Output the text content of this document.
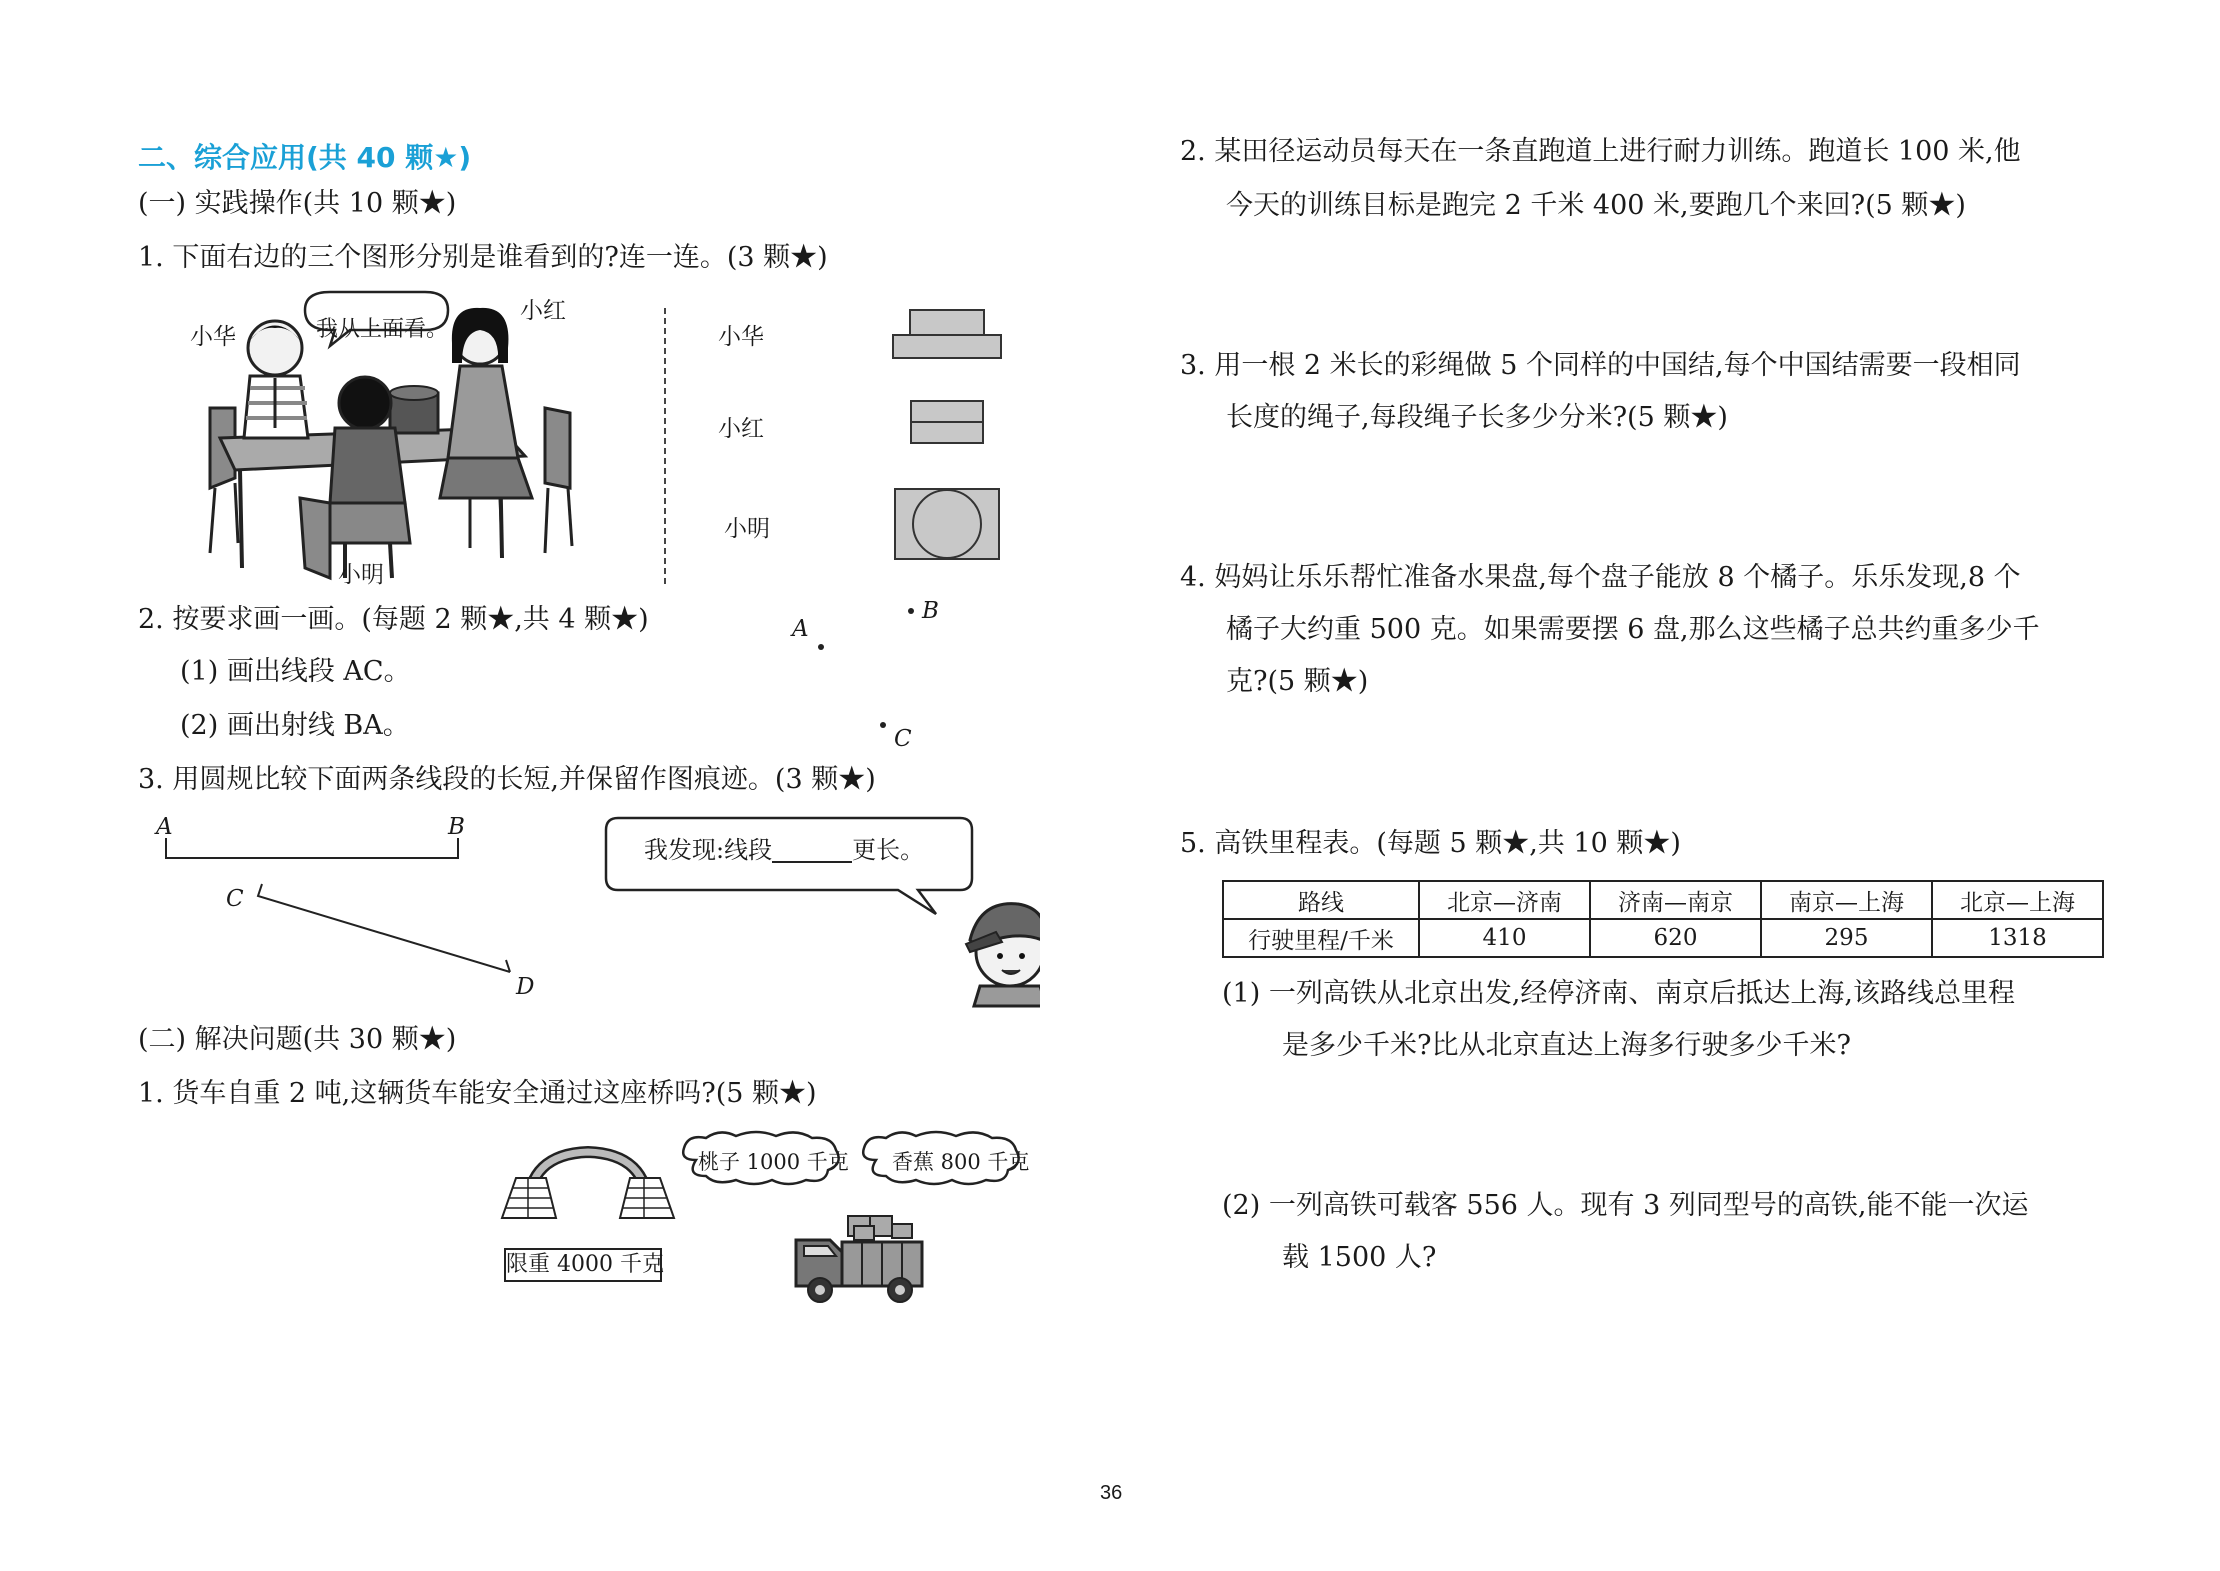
二、综合应用(共 40 颗★)
(一) 实践操作(共 10 颗★)
1. 下面右边的三个图形分别是谁看到的?连一连。(3 颗★)
我从上面看。
小华
小红
小明
小华
小红
小明
2. 按要求画一画。(每题 2 颗★,共 4 颗★)
(1) 画出线段 AC。
(2) 画出射线 BA。
A
B
C
3. 用圆规比较下面两条线段的长短,并保留作图痕迹。(3 颗★)
A	B
C
D
我发现:线段	更长。
(二) 解决问题(共 30 颗★)
1. 货车自重 2 吨,这辆货车能安全通过这座桥吗?(5 颗★)
限重 4000 千克
桃子 1000 千克 香蕉 800 千克
2. 某田径运动员每天在一条直跑道上进行耐力训练。跑道长 100 米,他
今天的训练目标是跑完 2 千米 400 米,要跑几个来回?(5 颗★)
3. 用一根 2 米长的彩绳做 5 个同样的中国结,每个中国结需要一段相同
长度的绳子,每段绳子长多少分米?(5 颗★)
4. 妈妈让乐乐帮忙准备水果盘,每个盘子能放 8 个橘子。乐乐发现,8 个
橘子大约重 500 克。如果需要摆 6 盘,那么这些橘子总共约重多少千
克?(5 颗★)
5. 高铁里程表。(每题 5 颗★,共 10 颗★)
路线	北京—济南	济南—南京	南京—上海	北京—上海
行驶里程/千米	410	620	295	1318
(1) 一列高铁从北京出发,经停济南、南京后抵达上海,该路线总里程
是多少千米?比从北京直达上海多行驶多少千米?
(2) 一列高铁可载客 556 人。现有 3 列同型号的高铁,能不能一次运
载 1500 人?
36
